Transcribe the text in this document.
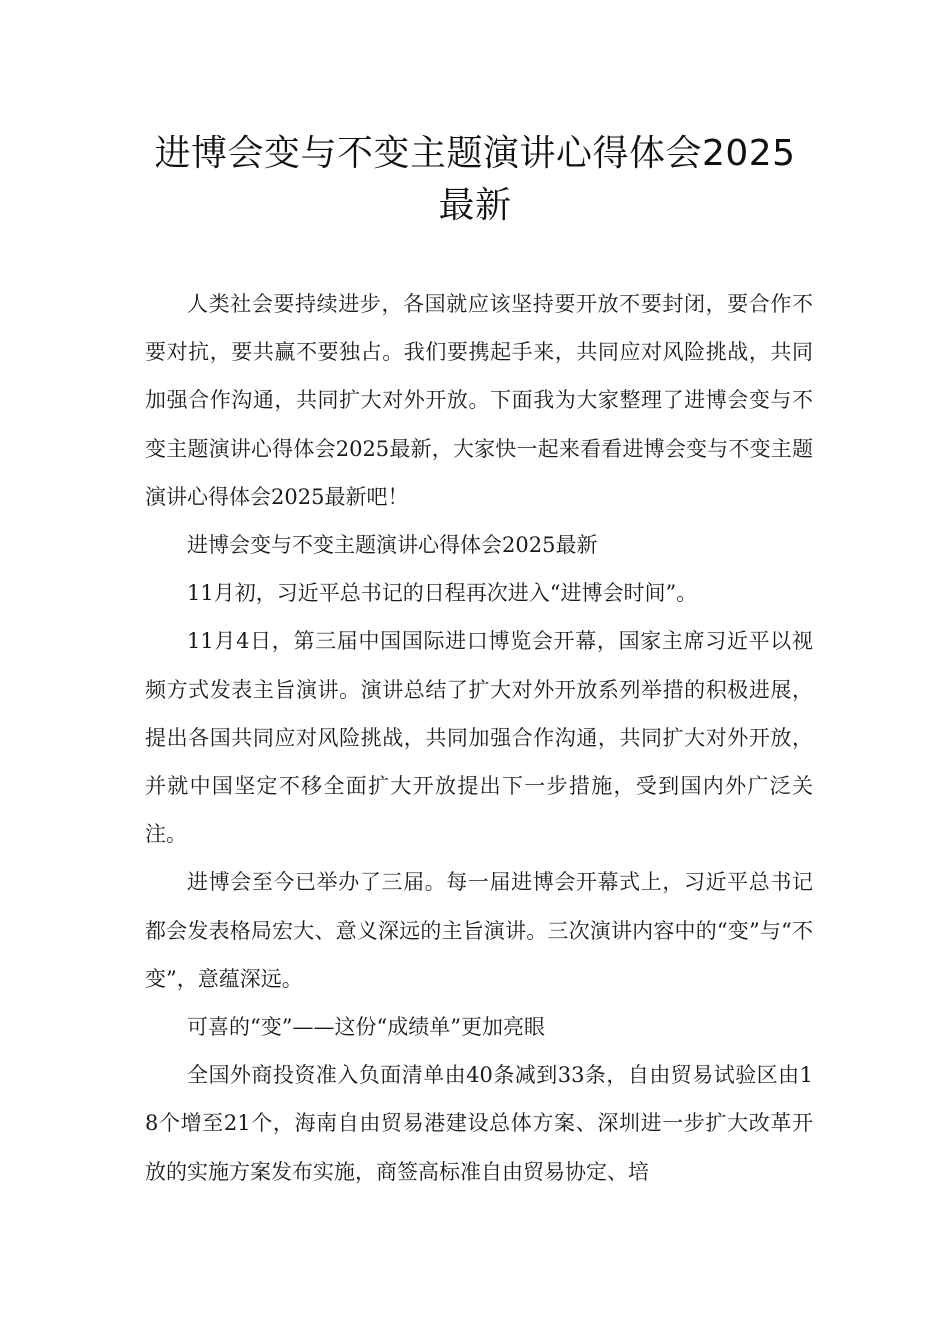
进博会变与不变主题演讲心得体会2025最新

人类社会要持续进步，各国就应该坚持要开放不要封闭，要合作不要对抗，要共赢不要独占。我们要携起手来，共同应对风险挑战，共同加强合作沟通，共同扩大对外开放。下面我为大家整理了进博会变与不变主题演讲心得体会2025最新，大家快一起来看看进博会变与不变主题演讲心得体会2025最新吧！

进博会变与不变主题演讲心得体会2025最新

11月初，习近平总书记的日程再次进入“进博会时间”。

11月4日，第三届中国国际进口博览会开幕，国家主席习近平以视频方式发表主旨演讲。演讲总结了扩大对外开放系列举措的积极进展，提出各国共同应对风险挑战，共同加强合作沟通，共同扩大对外开放，并就中国坚定不移全面扩大开放提出下一步措施，受到国内外广泛关注。

进博会至今已举办了三届。每一届进博会开幕式上，习近平总书记都会发表格局宏大、意义深远的主旨演讲。三次演讲内容中的“变”与“不变”，意蕴深远。

可喜的“变”——这份“成绩单”更加亮眼

全国外商投资准入负面清单由40条减到33条，自由贸易试验区由18个增至21个，海南自由贸易港建设总体方案、深圳进一步扩大改革开放的实施方案发布实施，商签高标准自由贸易协定、培
